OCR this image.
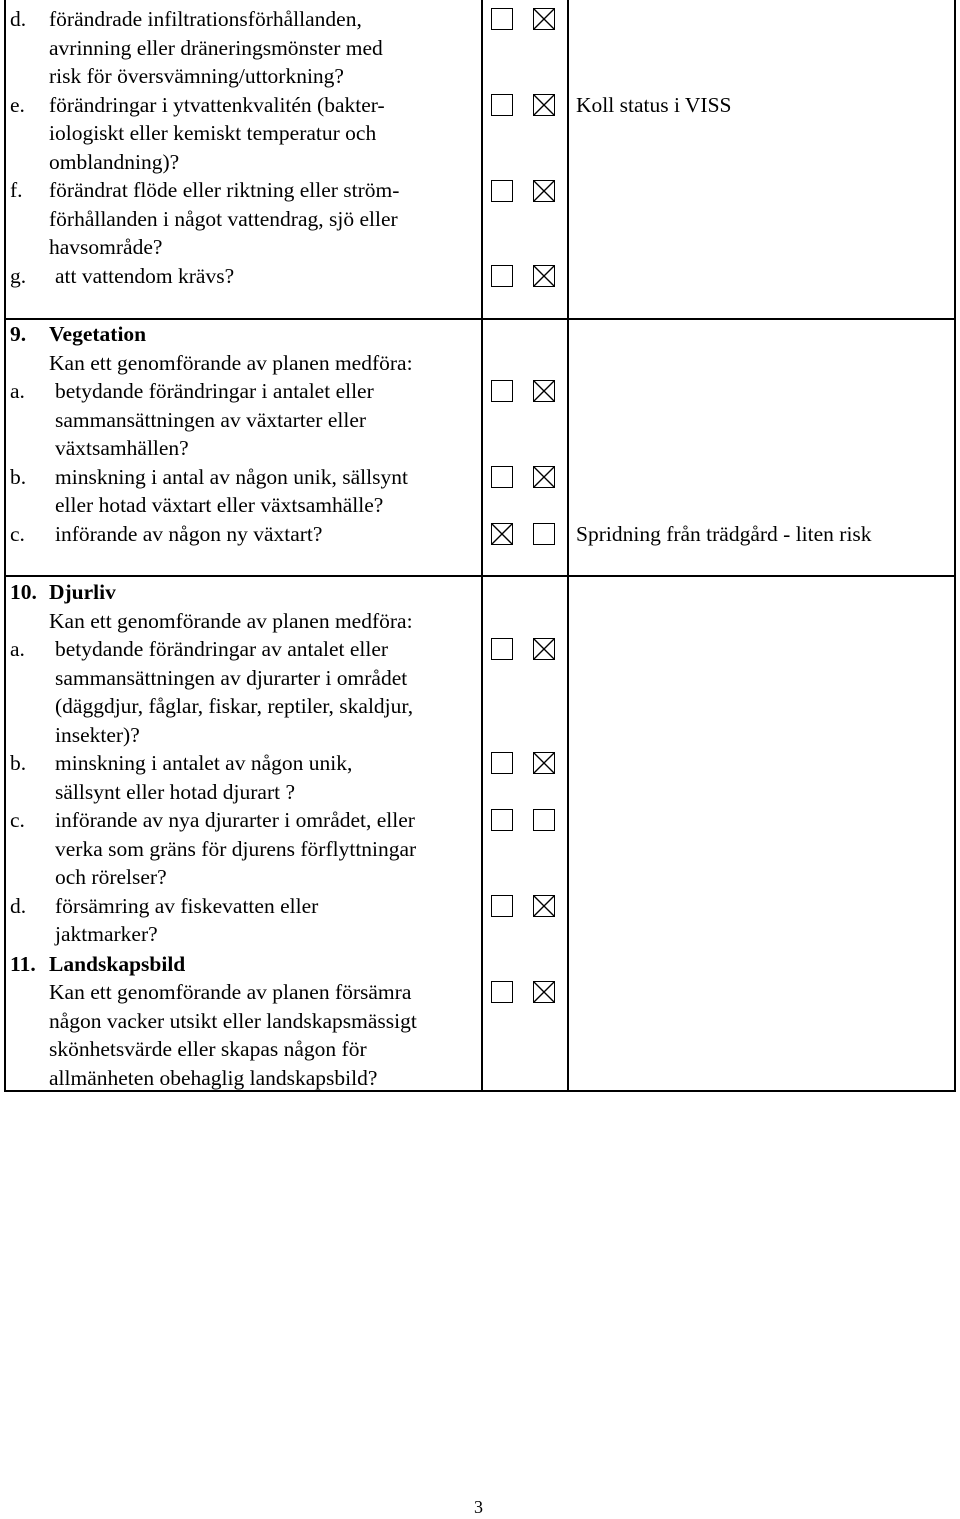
d. förändrade infiltrationsförhållanden,
avrinning eller dräneringsmönster med
risk för översvämning/uttorkning?
e. förändringar i ytvattenkvalitén (bakter-
iologiskt eller kemiskt temperatur och
omblandning)?
Koll status i VISS
f. förändrat flöde eller riktning eller ström-
förhållanden i något vattendrag, sjö eller
havsområde?
g. att vattendom krävs?
9. Vegetation
Kan ett genomförande av planen medföra:
a. betydande förändringar i antalet eller
sammansättningen av växtarter eller
växtsamhällen?
b. minskning i antal av någon unik, sällsynt
eller hotad växtart eller växtsamhälle?
c. införande av någon ny växtart?	Spridning från trädgård - liten risk
10. Djurliv
Kan ett genomförande av planen medföra:
a. betydande förändringar av antalet eller
sammansättningen av djurarter i området
(däggdjur, fåglar, fiskar, reptiler, skaldjur,
insekter)?
b. minskning i antalet av någon unik,
sällsynt eller hotad djurart ?
c. införande av nya djurarter i området, eller
verka som gräns för djurens förflyttningar
och rörelser?
d. försämring av fiskevatten eller
jaktmarker?
11. Landskapsbild
Kan ett genomförande av planen försämra
någon vacker utsikt eller landskapsmässigt
skönhetsvärde eller skapas någon för
allmänheten obehaglig landskapsbild?
3
